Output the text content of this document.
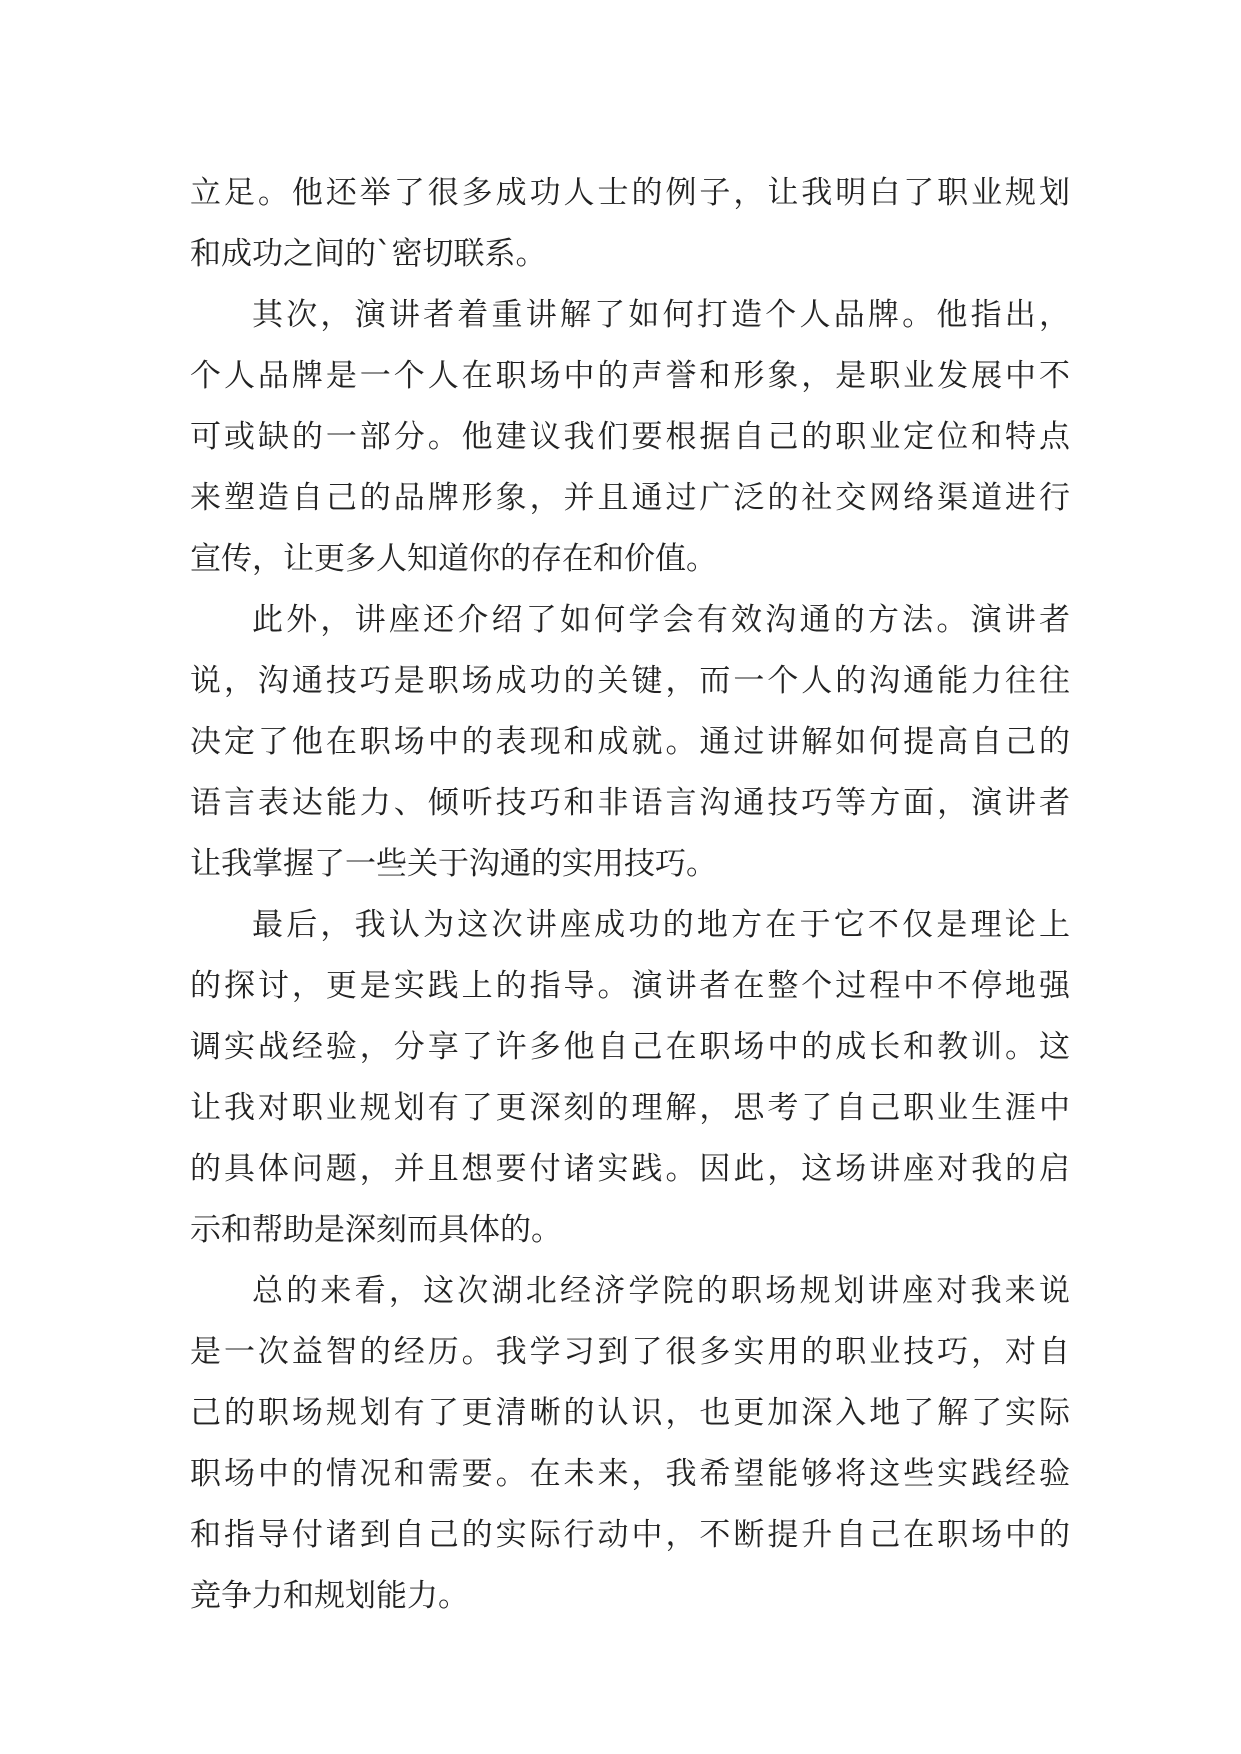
立足。他还举了很多成功人士的例子，让我明白了职业规划
和成功之间的`密切联系。
其次，演讲者着重讲解了如何打造个人品牌。他指出，
个人品牌是一个人在职场中的声誉和形象，是职业发展中不
可或缺的一部分。他建议我们要根据自己的职业定位和特点
来塑造自己的品牌形象，并且通过广泛的社交网络渠道进行
宣传，让更多人知道你的存在和价值。
此外，讲座还介绍了如何学会有效沟通的方法。演讲者
说，沟通技巧是职场成功的关键，而一个人的沟通能力往往
决定了他在职场中的表现和成就。通过讲解如何提高自己的
语言表达能力、倾听技巧和非语言沟通技巧等方面，演讲者
让我掌握了一些关于沟通的实用技巧。
最后，我认为这次讲座成功的地方在于它不仅是理论上
的探讨，更是实践上的指导。演讲者在整个过程中不停地强
调实战经验，分享了许多他自己在职场中的成长和教训。这
让我对职业规划有了更深刻的理解，思考了自己职业生涯中
的具体问题，并且想要付诸实践。因此，这场讲座对我的启
示和帮助是深刻而具体的。
总的来看，这次湖北经济学院的职场规划讲座对我来说
是一次益智的经历。我学习到了很多实用的职业技巧，对自
己的职场规划有了更清晰的认识，也更加深入地了解了实际
职场中的情况和需要。在未来，我希望能够将这些实践经验
和指导付诸到自己的实际行动中，不断提升自己在职场中的
竞争力和规划能力。
